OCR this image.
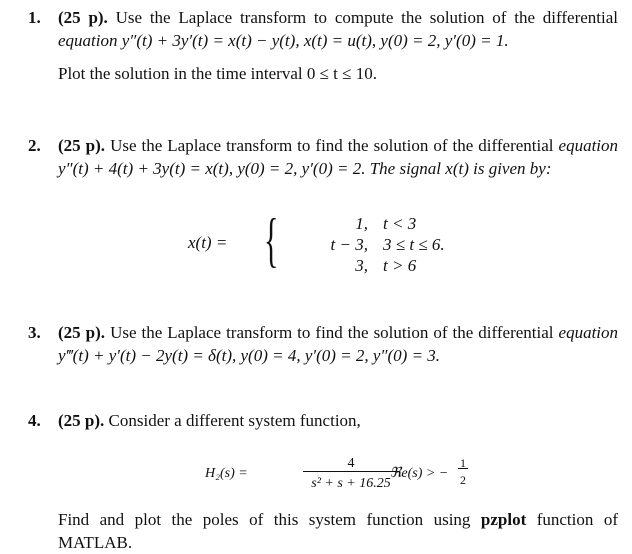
1. (25 p). Use the Laplace transform to compute the solution of the differential equation y″(t) + 3y′(t) = x(t) − y(t), x(t) = u(t), y(0) = 2, y′(0) = 1.
Plot the solution in the time interval 0 ≤ t ≤ 10.
2. (25 p). Use the Laplace transform to find the solution of the differential equation y″(t) + 4(t) + 3y(t) = x(t), y(0) = 2, y′(0) = 2. The signal x(t) is given by:
x(t) = {	1, t < 3
t − 3, 3 ≤ t ≤ 6.
3, t > 6
3. (25 p). Use the Laplace transform to find the solution of the differential equation y‴(t) + y′(t) − 2y(t) = δ(t), y(0) = 4, y′(0) = 2, y″(0) = 3.
4. (25 p). Consider a different system function,
H₂(s) =
4
s² + s + 16.25
ℜe(s) > −
1
2
Find and plot the poles of this system function using pzplot function of MATLAB.
